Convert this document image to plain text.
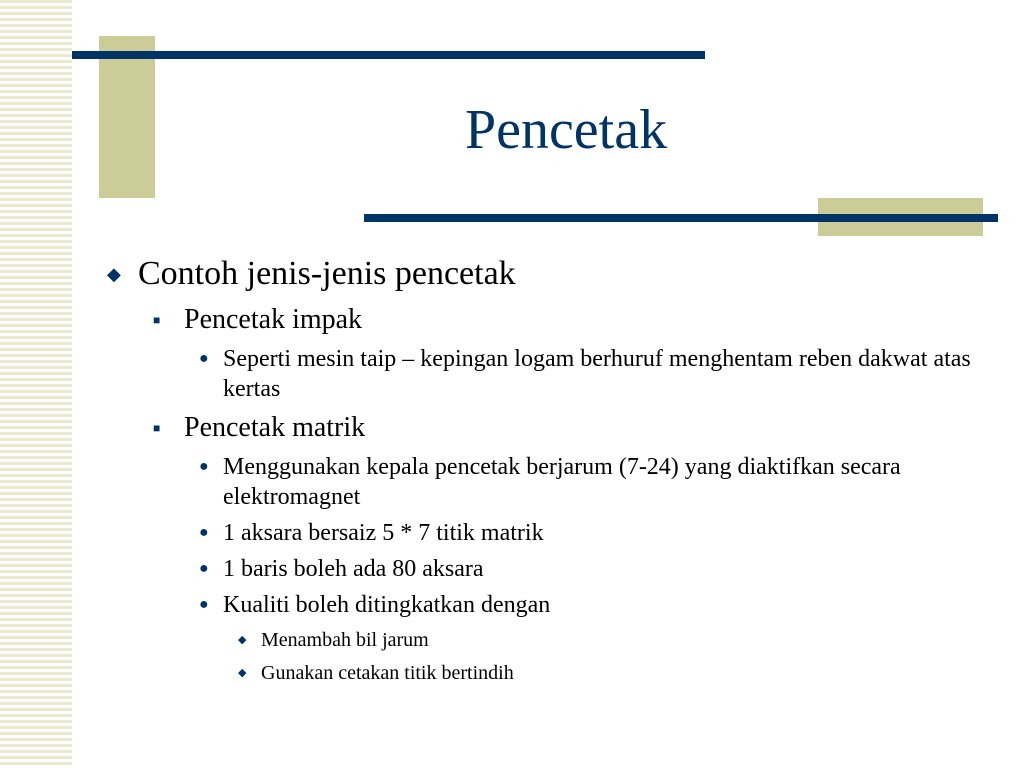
Pencetak
◆ Contoh jenis-jenis pencetak
■ Pencetak impak
● Seperti mesin taip – kepingan logam berhuruf menghentam reben dakwat atas kertas
■ Pencetak matrik
● Menggunakan kepala pencetak berjarum (7-24) yang diaktifkan secara elektromagnet
● 1 aksara bersaiz 5 * 7 titik matrik
● 1 baris boleh ada 80 aksara
● Kualiti boleh ditingkatkan dengan
◆ Menambah bil jarum
◆ Gunakan cetakan titik bertindih
